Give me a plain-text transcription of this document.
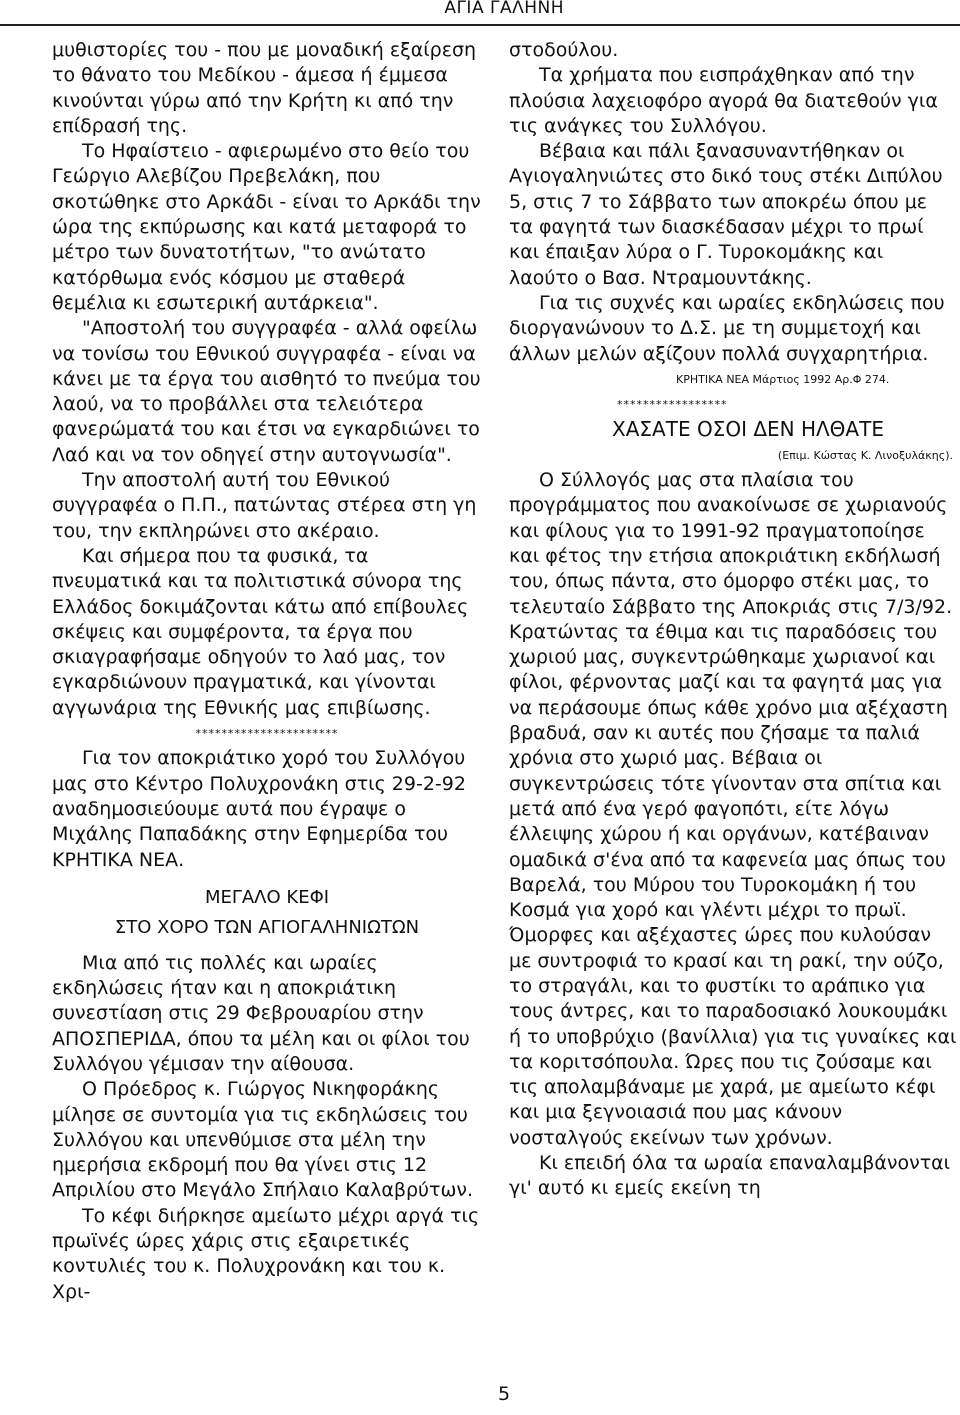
ΑΓΙΑ ΓΑΛΗΝΗ

μυθιστορίες του - που με μοναδική εξαίρεση το θάνατο του Μεδίκου - άμεσα ή έμμεσα κινούνται γύρω από την Κρήτη κι από την επίδρασή της.

Το Ηφαίστειο - αφιερωμένο στο θείο του Γεώργιο Αλεβίζου Πρεβελάκη, που σκοτώθηκε στο Αρκάδι - είναι το Αρκάδι την ώρα της εκπύρωσης και κατά μεταφορά το μέτρο των δυνατοτήτων, "το ανώτατο κατόρθωμα ενός κόσμου με σταθερά θεμέλια κι εσωτερική αυτάρκεια".

"Αποστολή του συγγραφέα - αλλά οφείλω να τονίσω του Εθνικού συγγραφέα - είναι να κάνει με τα έργα του αισθητό το πνεύμα του λαού, να το προβάλλει στα τελειότερα φανερώματά του και έτσι να εγκαρδιώνει το Λαό και να τον οδηγεί στην αυτογνωσία".

Την αποστολή αυτή του Εθνικού συγγραφέα ο Π.Π., πατώντας στέρεα στη γη του, την εκπληρώνει στο ακέραιο.

Και σήμερα που τα φυσικά, τα πνευματικά και τα πολιτιστικά σύνορα της Ελλάδος δοκιμάζονται κάτω από επίβουλες σκέψεις και συμφέροντα, τα έργα που σκιαγραφήσαμε οδηγούν το λαό μας, τον εγκαρδιώνουν πραγματικά, και γίνονται αγγωνάρια της Εθνικής μας επιβίωσης.

**********************

Για τον αποκριάτικο χορό του Συλλόγου μας στο Κέντρο Πολυχρονάκη στις 29-2-92 αναδημοσιεύουμε αυτά που έγραψε ο Μιχάλης Παπαδάκης στην Εφημερίδα του ΚΡΗΤΙΚΑ ΝΕΑ.

ΜΕΓΑΛΟ ΚΕΦΙ
ΣΤΟ ΧΟΡΟ ΤΩΝ ΑΓΙΟΓΑΛΗΝΙΩΤΩΝ

Μια από τις πολλές και ωραίες εκδηλώσεις ήταν και η αποκριάτικη συνεστίαση στις 29 Φεβρουαρίου στην ΑΠΟΣΠΕΡΙΔΑ, όπου τα μέλη και οι φίλοι του Συλλόγου γέμισαν την αίθουσα.

Ο Πρόεδρος κ. Γιώργος Νικηφοράκης μίλησε σε συντομία για τις εκδηλώσεις του Συλλόγου και υπενθύμισε στα μέλη την ημερήσια εκδρομή που θα γίνει στις 12 Απριλίου στο Μεγάλο Σπήλαιο Καλαβρύτων.

Το κέφι διήρκησε αμείωτο μέχρι αργά τις πρωϊνές ώρες χάρις στις εξαιρετικές κοντυλιές του κ. Πολυχρονάκη και του κ. Χρι-

στοδούλου.

Τα χρήματα που εισπράχθηκαν από την πλούσια λαχειοφόρο αγορά θα διατεθούν για τις ανάγκες του Συλλόγου.

Βέβαια και πάλι ξανασυναντήθηκαν οι Αγιογαληνιώτες στο δικό τους στέκι Διπύλου 5, στις 7 το Σάββατο των αποκρέω όπου με τα φαγητά των διασκέδασαν μέχρι το πρωί και έπαιξαν λύρα ο Γ. Τυροκομάκης και λαούτο ο Βασ. Ντραμουντάκης.

Για τις συχνές και ωραίες εκδηλώσεις που διοργανώνουν το Δ.Σ. με τη συμμετοχή και άλλων μελών αξίζουν πολλά συγχαρητήρια.

ΚΡΗΤΙΚΑ ΝΕΑ Μάρτιος 1992 Αρ.Φ 274.

*****************

ΧΑΣΑΤΕ ΟΣΟΙ ΔΕΝ ΗΛΘΑΤΕ

(Επιμ. Κώστας Κ. Λινοξυλάκης).

Ο Σύλλογός μας στα πλαίσια του προγράμματος που ανακοίνωσε σε χωριανούς και φίλους για το 1991-92 πραγματοποίησε και φέτος την ετήσια αποκριάτικη εκδήλωσή του, όπως πάντα, στο όμορφο στέκι μας, το τελευταίο Σάββατο της Αποκριάς στις 7/3/92. Κρατώντας τα έθιμα και τις παραδόσεις του χωριού μας, συγκεντρώθηκαμε χωριανοί και φίλοι, φέρνοντας μαζί και τα φαγητά μας για να περάσουμε όπως κάθε χρόνο μια αξέχαστη βραδυά, σαν κι αυτές που ζήσαμε τα παλιά χρόνια στο χωριό μας. Βέβαια οι συγκεντρώσεις τότε γίνονταν στα σπίτια και μετά από ένα γερό φαγοπότι, είτε λόγω έλλειψης χώρου ή και οργάνων, κατέβαιναν ομαδικά σ'ένα από τα καφενεία μας όπως του Βαρελά, του Μύρου του Τυροκομάκη ή του Κοσμά για χορό και γλέντι μέχρι το πρωϊ. Όμορφες και αξέχαστες ώρες που κυλούσαν με συντροφιά το κρασί και τη ρακί, την ούζο, το στραγάλι, και το φυστίκι το αράπικο για τους άντρες, και το παραδοσιακό λουκουμάκι ή το υποβρύχιο (βανίλλια) για τις γυναίκες και τα κοριτσόπουλα. Ώρες που τις ζούσαμε και τις απολαμβάναμε με χαρά, με αμείωτο κέφι και μια ξεγνοιασιά που μας κάνουν νοσταλγούς εκείνων των χρόνων.

Κι επειδή όλα τα ωραία επαναλαμβάνονται γι' αυτό κι εμείς εκείνη τη

5
